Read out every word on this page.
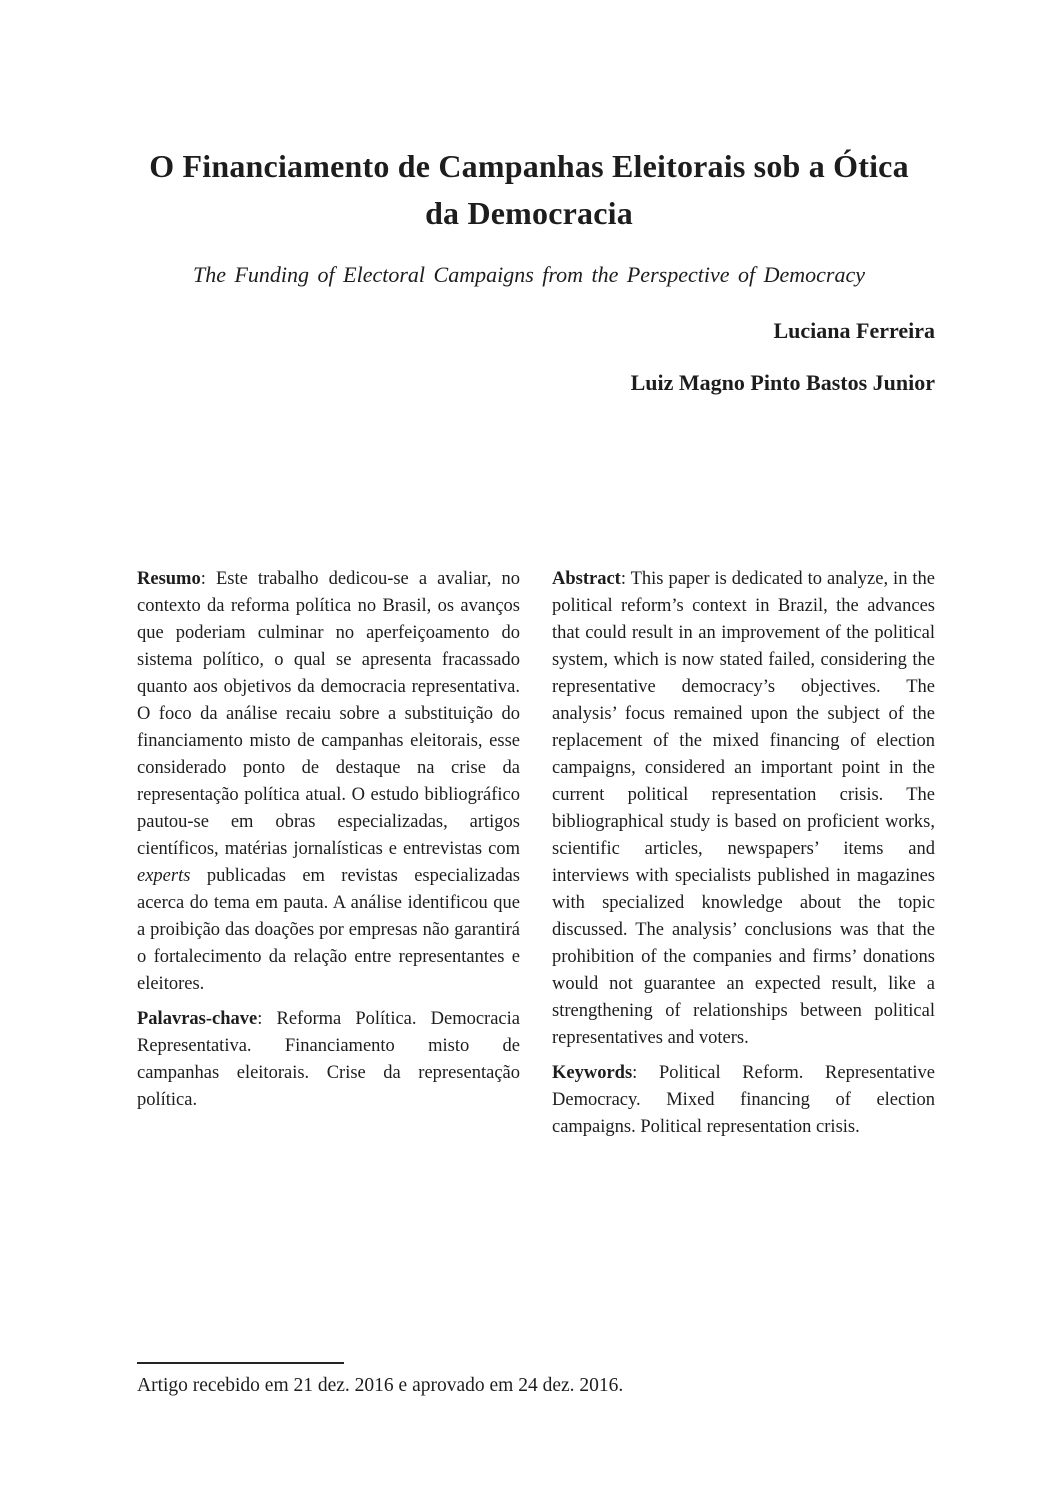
O Financiamento de Campanhas Eleitorais sob a Ótica da Democracia
The Funding of Electoral Campaigns from the Perspective of Democracy
Luciana Ferreira
Luiz Magno Pinto Bastos Junior

Resumo: Este trabalho dedicou-se a avaliar, no contexto da reforma política no Brasil, os avanços que poderiam culminar no aperfeiçoamento do sistema político, o qual se apresenta fracassado quanto aos objetivos da democracia representativa. O foco da análise recaiu sobre a substituição do financiamento misto de campanhas eleitorais, esse considerado ponto de destaque na crise da representação política atual. O estudo bibliográfico pautou-se em obras especializadas, artigos científicos, matérias jornalísticas e entrevistas com experts publicadas em revistas especializadas acerca do tema em pauta. A análise identificou que a proibição das doações por empresas não garantirá o fortalecimento da relação entre representantes e eleitores.

Palavras-chave: Reforma Política. Democracia Representativa. Financiamento misto de campanhas eleitorais. Crise da representação política.

Abstract: This paper is dedicated to analyze, in the political reform’s context in Brazil, the advances that could result in an improvement of the political system, which is now stated failed, considering the representative democracy’s objectives. The analysis’ focus remained upon the subject of the replacement of the mixed financing of election campaigns, considered an important point in the current political representation crisis. The bibliographical study is based on proficient works, scientific articles, newspapers’ items and interviews with specialists published in magazines with specialized knowledge about the topic discussed. The analysis’ conclusions was that the prohibition of the companies and firms’ donations would not guarantee an expected result, like a strengthening of relationships between political representatives and voters.

Keywords: Political Reform. Representative Democracy. Mixed financing of election campaigns. Political representation crisis.

Artigo recebido em 21 dez. 2016 e aprovado em 24 dez. 2016.
